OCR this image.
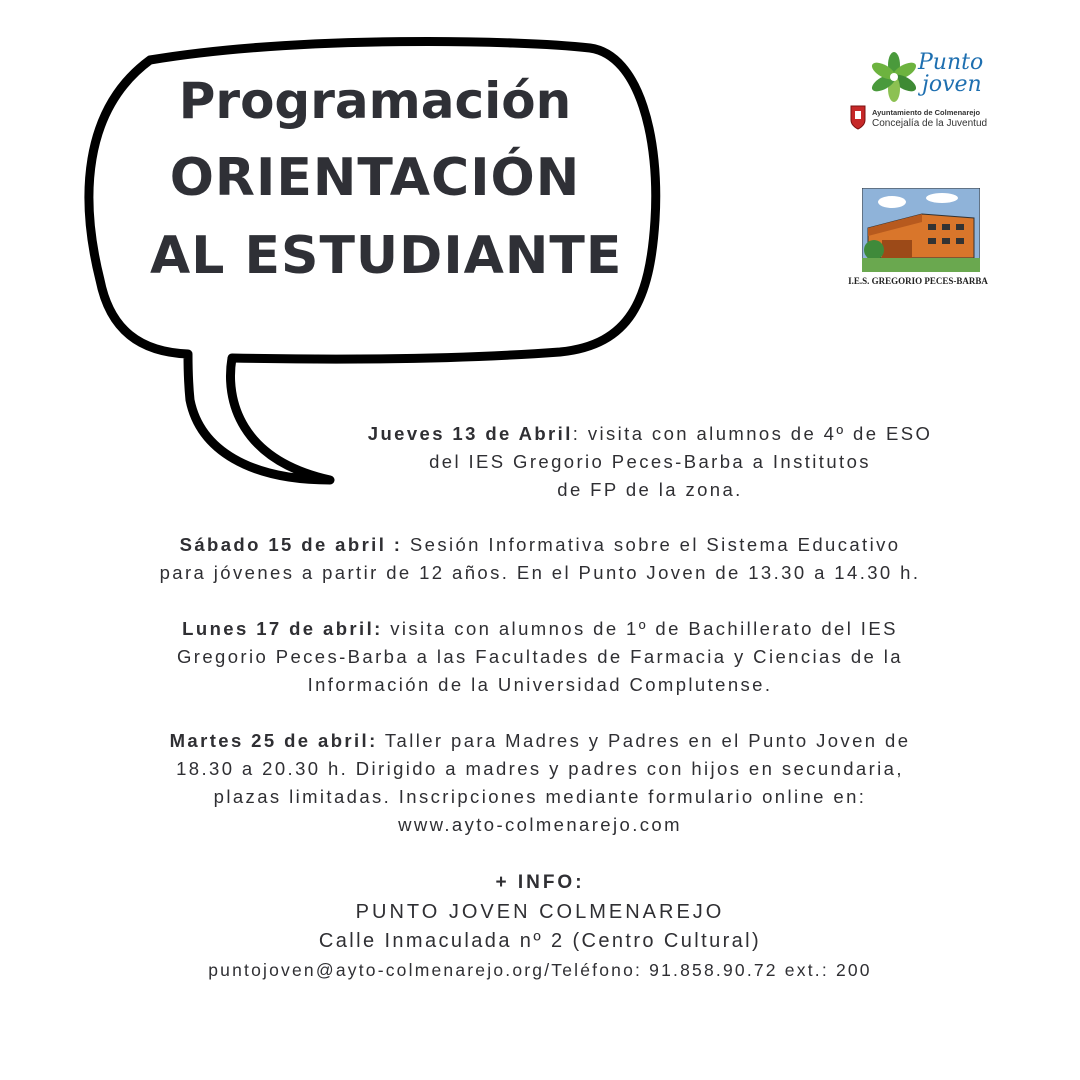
Programación
ORIENTACIÓN
AL ESTUDIANTE
Punto
joven
Ayuntamiento de Colmenarejo
Concejalía de la Juventud
I.E.S. GREGORIO PECES-BARBA

Jueves 13 de Abril: visita con alumnos de 4º de ESO
del IES Gregorio Peces-Barba a Institutos
de FP de la zona.

Sábado 15 de abril : Sesión Informativa sobre el Sistema Educativo
para jóvenes a partir de 12 años. En el Punto Joven de 13.30 a 14.30 h.

Lunes 17 de abril: visita con alumnos de 1º de Bachillerato del IES
Gregorio Peces-Barba a las Facultades de Farmacia y Ciencias de la
Información de la Universidad Complutense.

Martes 25 de abril: Taller para Madres y Padres en el Punto Joven de
18.30 a 20.30 h. Dirigido a madres y padres con hijos en secundaria,
plazas limitadas. Inscripciones mediante formulario online en:
www.ayto-colmenarejo.com

+ INFO:

PUNTO JOVEN COLMENAREJO

Calle Inmaculada nº 2 (Centro Cultural)

puntojoven@ayto-colmenarejo.org/Teléfono: 91.858.90.72 ext.: 200
